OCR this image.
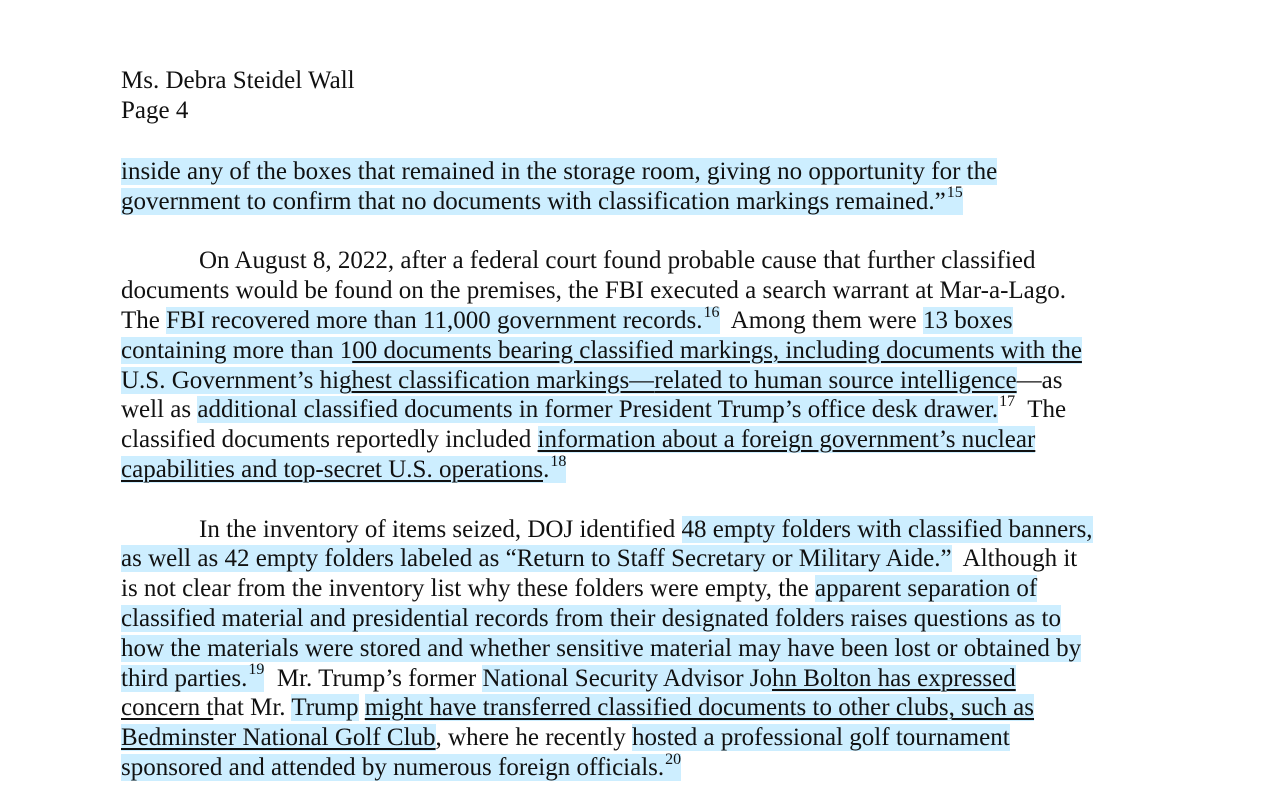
Ms. Debra Steidel Wall
Page 4
inside any of the boxes that remained in the storage room, giving no opportunity for the
government to confirm that no documents with classification markings remained.”$^{15}$
On August 8, 2022, after a federal court found probable cause that further classified
documents would be found on the premises, the FBI executed a search warrant at Mar-a-Lago.
The FBI recovered more than 11,000 government records.$^{16}$  Among them were 13 boxes
containing more than 100 documents bearing classified markings, including documents with the
U.S. Government’s highest classification markings—related to human source intelligence—as
well as additional classified documents in former President Trump’s office desk drawer.$^{17}$  The
classified documents reportedly included information about a foreign government’s nuclear
capabilities and top-secret U.S. operations.$^{18}$
In the inventory of items seized, DOJ identified 48 empty folders with classified banners,
as well as 42 empty folders labeled as “Return to Staff Secretary or Military Aide.”  Although it
is not clear from the inventory list why these folders were empty, the apparent separation of
classified material and presidential records from their designated folders raises questions as to
how the materials were stored and whether sensitive material may have been lost or obtained by
third parties.$^{19}$  Mr. Trump’s former National Security Advisor John Bolton has expressed
concern that Mr. Trump might have transferred classified documents to other clubs, such as
Bedminster National Golf Club, where he recently hosted a professional golf tournament
sponsored and attended by numerous foreign officials.$^{20}$
